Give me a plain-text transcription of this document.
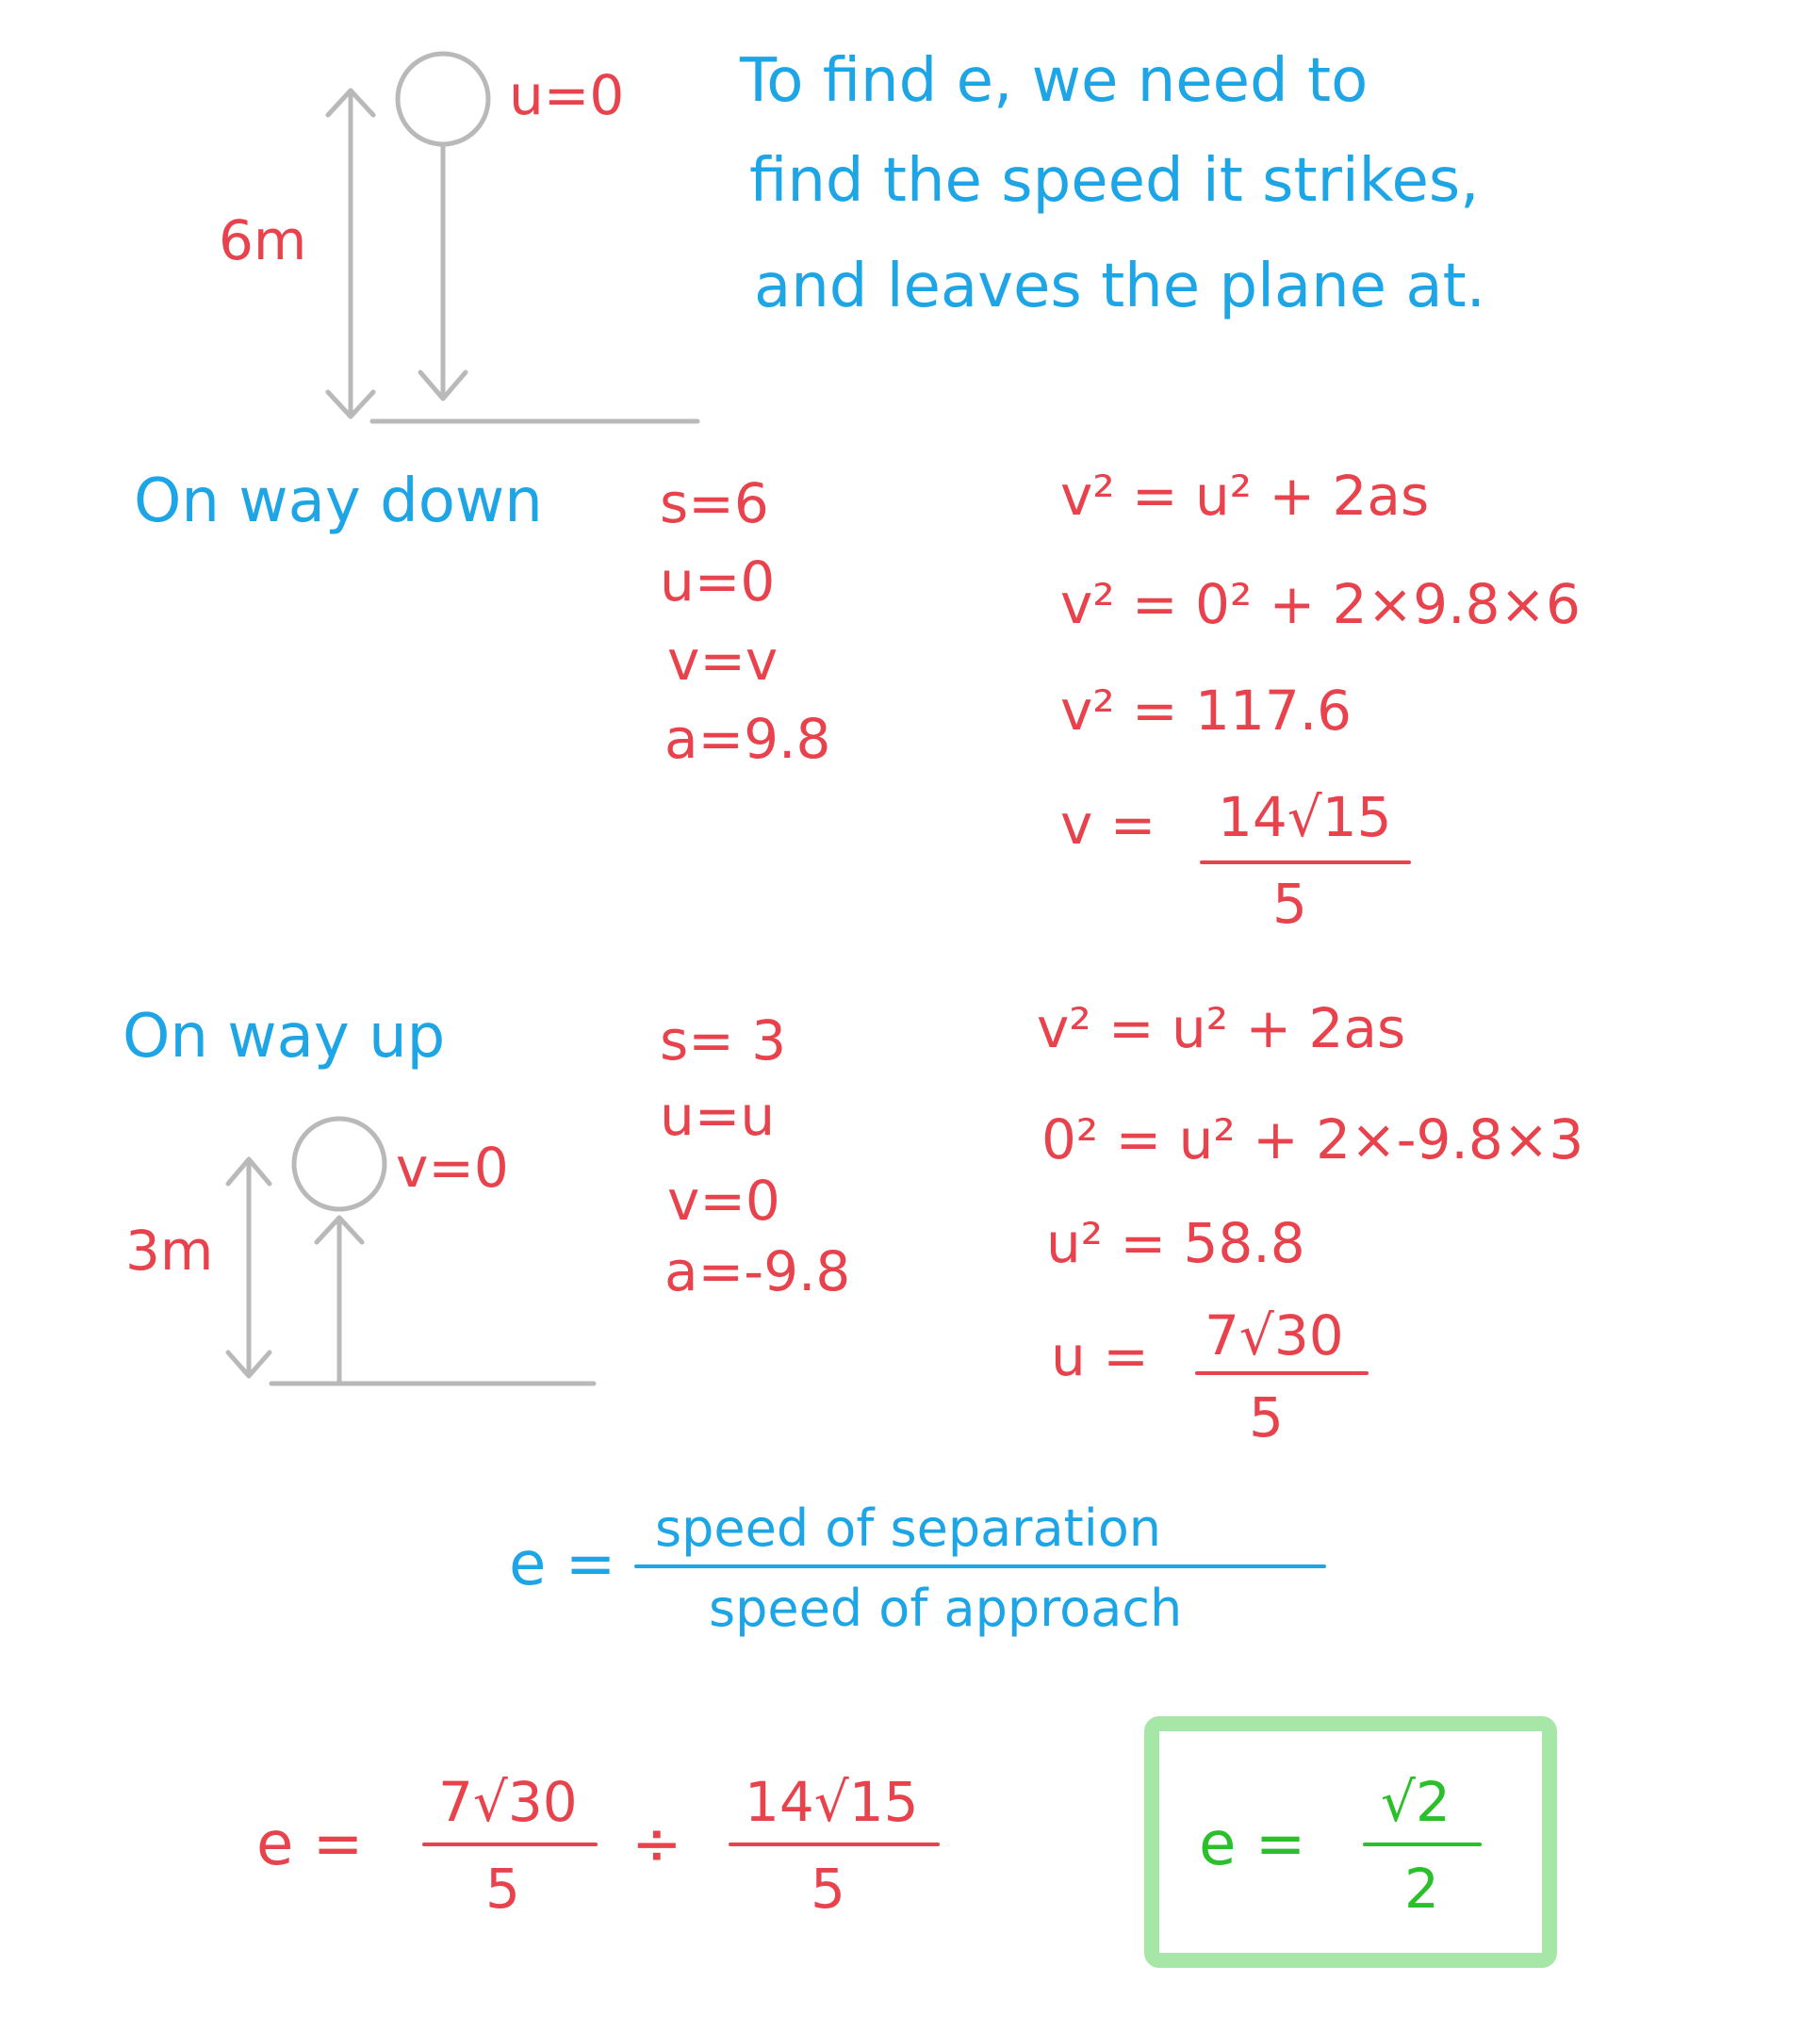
6m
u=0 To find e, we need to
find the speed it strikes,
and leaves the plane at.
On way down s=6
u=0
v=v
a=9.8
v² = u² + 2as
v² = 0² + 2×9.8×6
v² = 117.6
v = 14√15
5
On way up
3m
v=0
s= 3
u=u
v=0
a=-9.8
v² = u² + 2as
0² = u² + 2×-9.8×3
u² = 58.8
u = 7√30
5
e =
speed of separation
speed of approach
e =
7√30
5
÷
14√15
5
e =
√2
2
